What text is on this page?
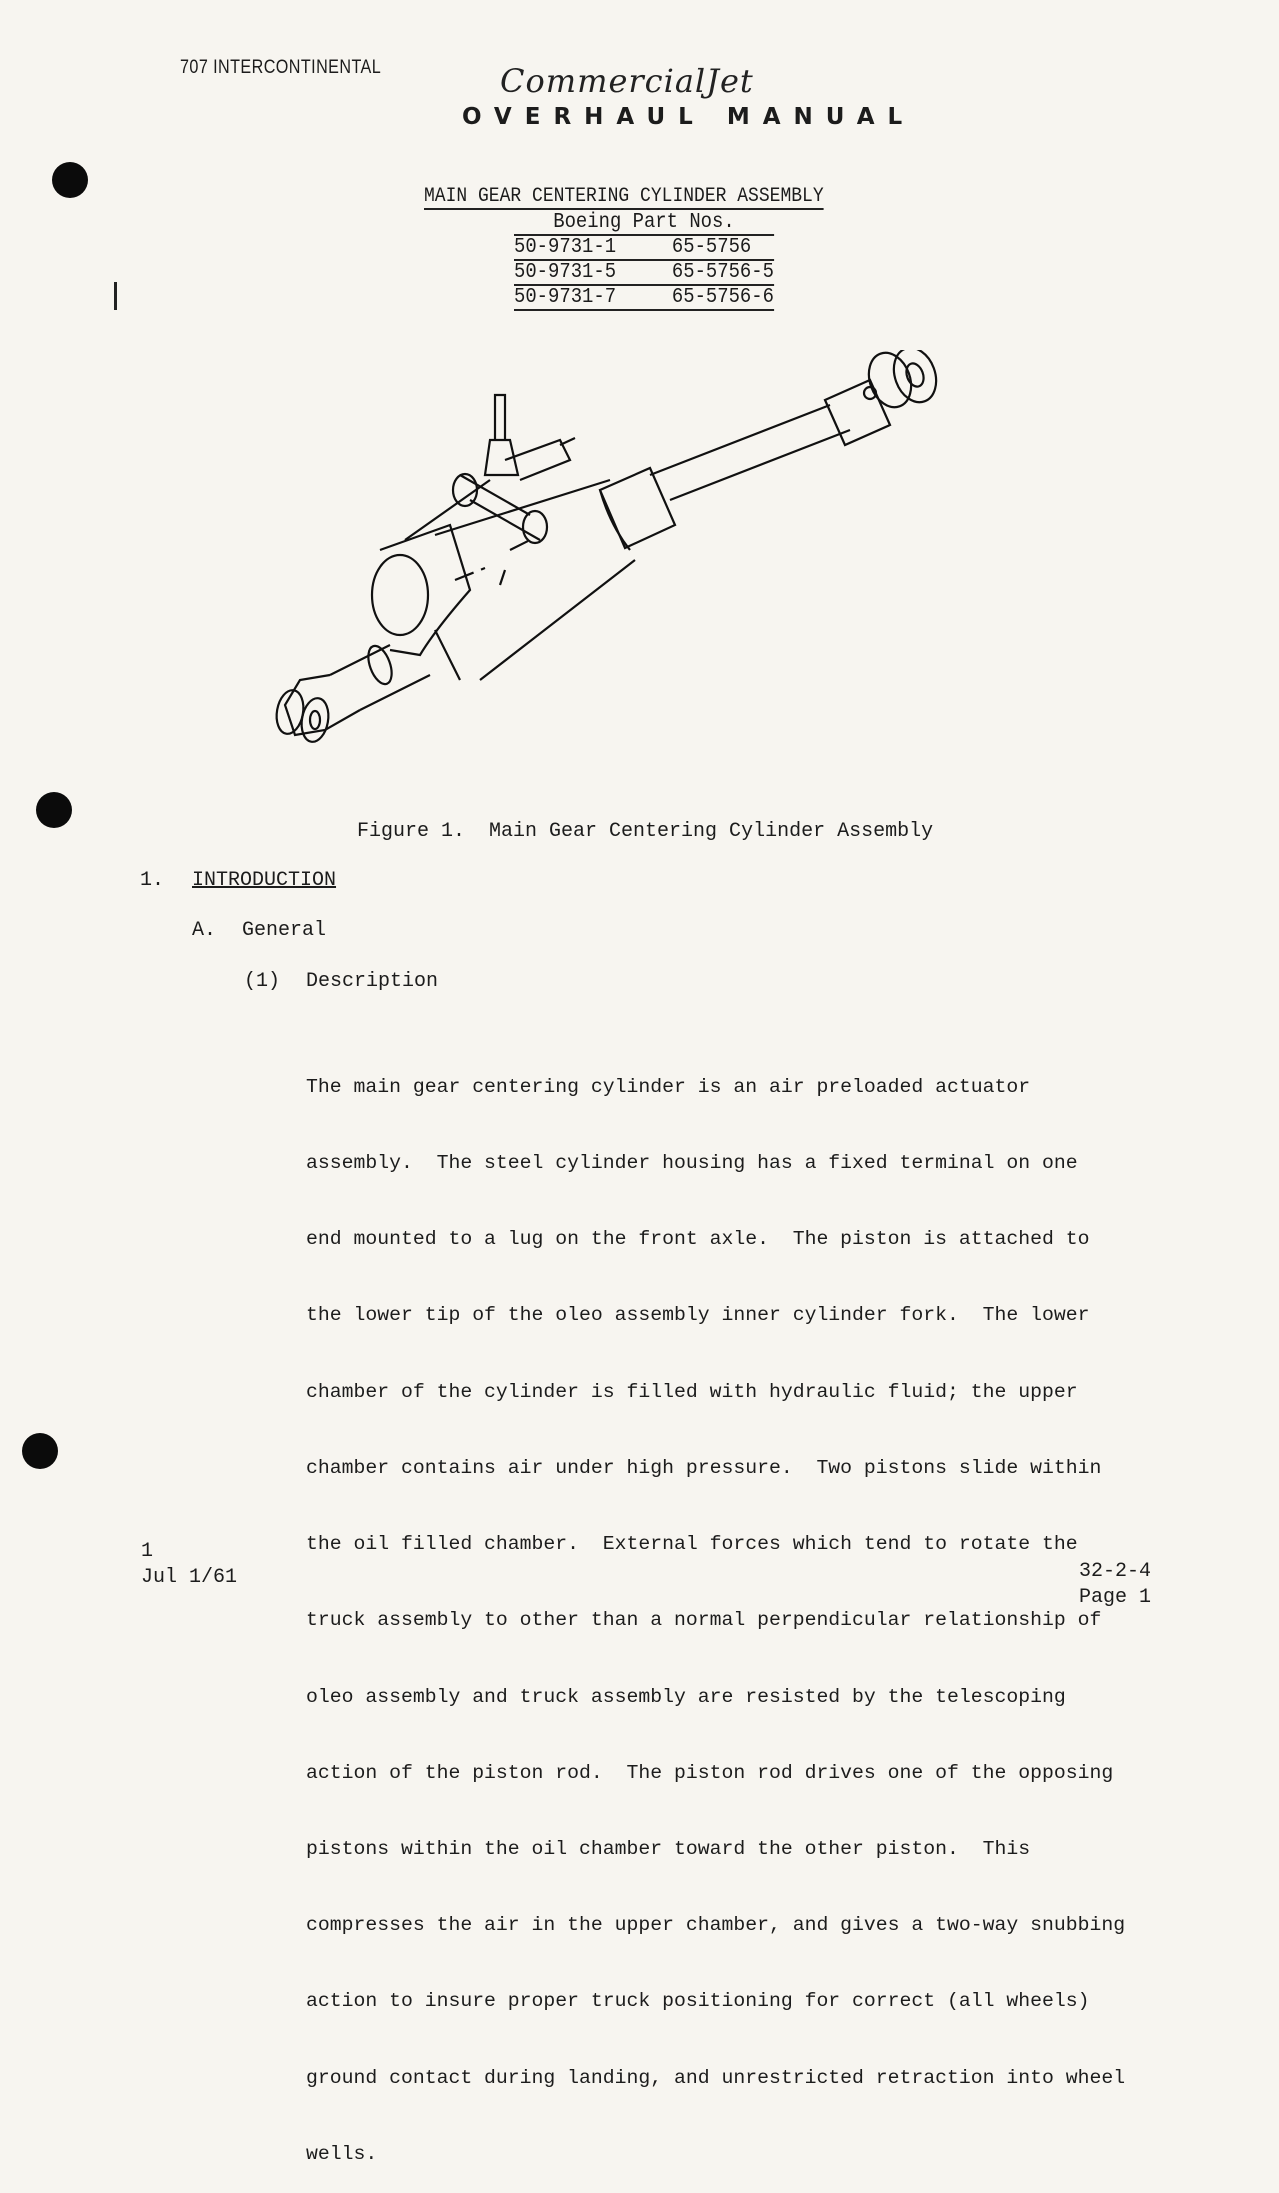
707 INTERCONTINENTAL	CommercialJet
OVERHAUL MANUAL
MAIN GEAR CENTERING CYLINDER ASSEMBLY
Boeing Part Nos.	
50-9731-1	65-5756
50-9731-5	65-5756-5
50-9731-7	65-5756-6
Figure 1.  Main Gear Centering Cylinder Assembly
1. INTRODUCTION
A. General
(1) Description

The main gear centering cylinder is an air preloaded actuator

assembly.  The steel cylinder housing has a fixed terminal on one

end mounted to a lug on the front axle.  The piston is attached to

the lower tip of the oleo assembly inner cylinder fork.  The lower

chamber of the cylinder is filled with hydraulic fluid; the upper

chamber contains air under high pressure.  Two pistons slide within

the oil filled chamber.  External forces which tend to rotate the

truck assembly to other than a normal perpendicular relationship of

oleo assembly and truck assembly are resisted by the telescoping

action of the piston rod.  The piston rod drives one of the opposing

pistons within the oil chamber toward the other piston.  This

compresses the air in the upper chamber, and gives a two-way snubbing

action to insure proper truck positioning for correct (all wheels)

ground contact during landing, and unrestricted retraction into wheel

wells.

1
Jul 1/61	32-2-4
Page 1
